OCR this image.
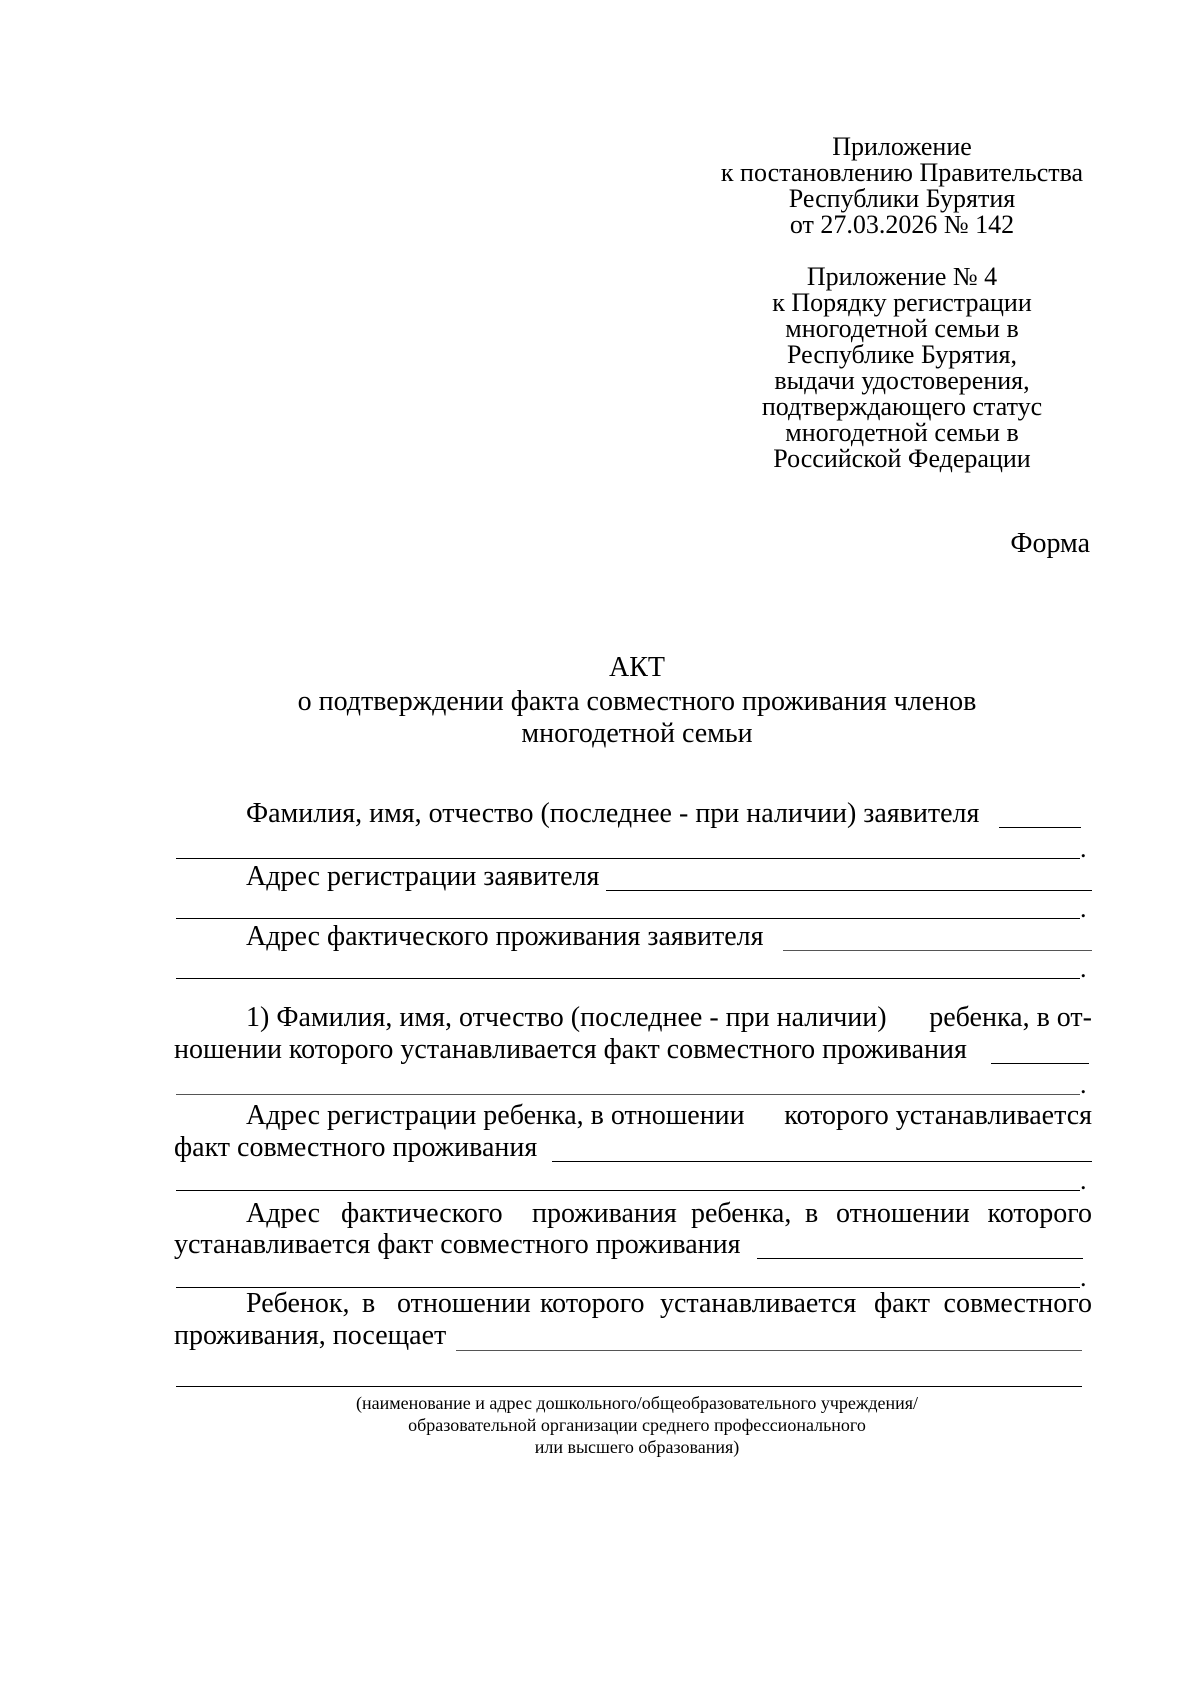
Приложение
к постановлению Правительства
Республики Бурятия
от 27.03.2026 № 142
Приложение № 4
к Порядку регистрации
многодетной семьи в
Республике Бурятия,
выдачи удостоверения,
подтверждающего статус
многодетной семьи в
Российской Федерации
Форма
АКТ
о подтверждении факта совместного проживания членов
многодетной семьи
Фамилия, имя, отчество (последнее - при наличии) заявителя
.
Адрес регистрации заявителя
.
Адрес фактического проживания заявителя
.
1) Фамилия, имя, отчество (последнее - при наличии) ребенка, в от-
ношении которого устанавливается факт совместного проживания
.
Адрес регистрации ребенка, в отношении которого устанавливается
факт совместного проживания
.
Адрес фактического проживания ребенка, в отношении которого
устанавливается факт совместного проживания
.
Ребенок, в отношении которого устанавливается факт совместного
проживания, посещает
(наименование и адрес дошкольного/общеобразовательного учреждения/
образовательной организации среднего профессионального
или высшего образования)
